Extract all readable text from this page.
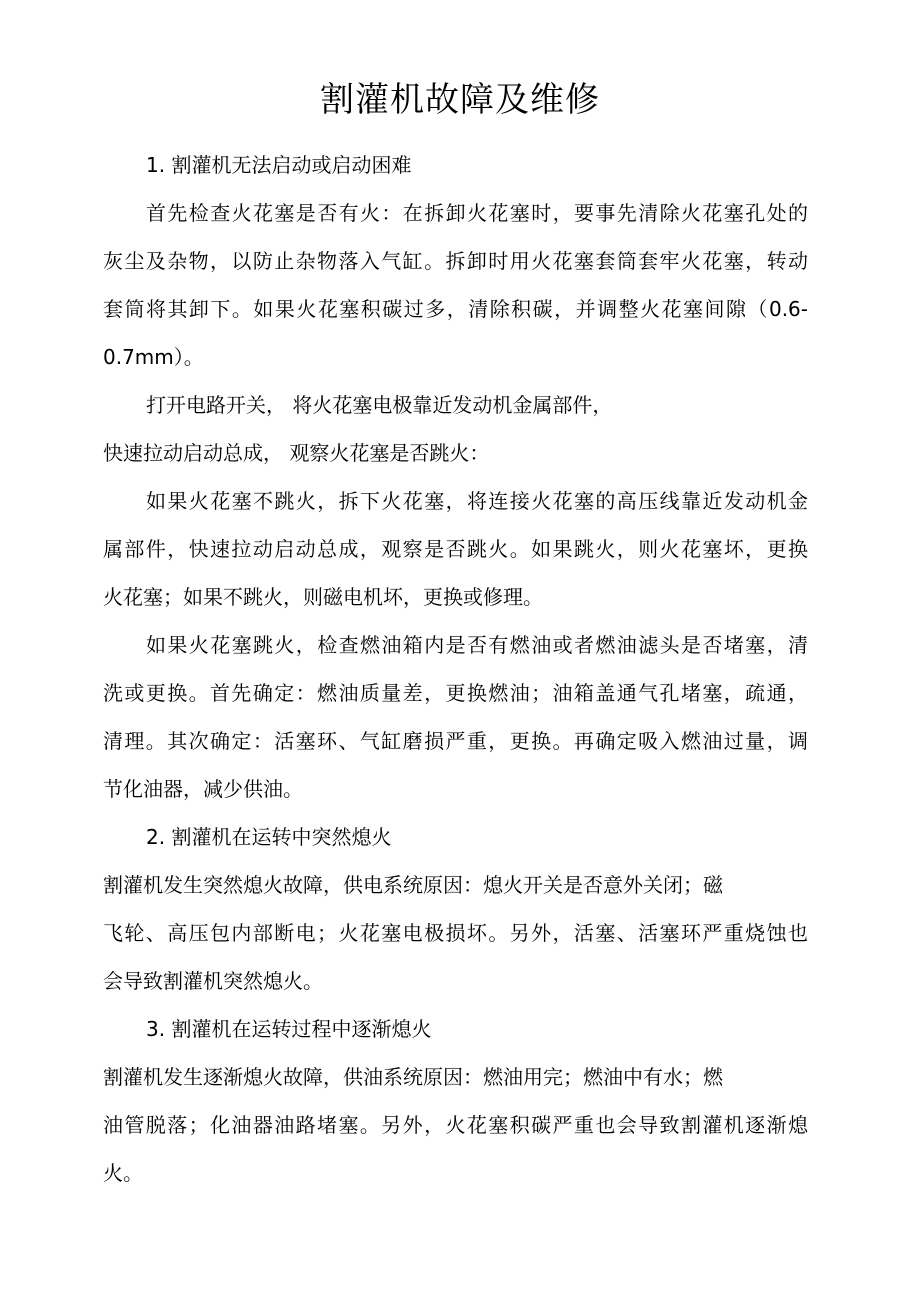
割灌机故障及维修
1. 割灌机无法启动或启动困难
首先检查火花塞是否有火：在拆卸火花塞时，要事先清除火花塞孔处的
灰尘及杂物，以防止杂物落入气缸。拆卸时用火花塞套筒套牢火花塞，转动
套筒将其卸下。如果火花塞积碳过多，清除积碳，并调整火花塞间隙（0.6-
0.7mm）。
打开电路开关， 将火花塞电极靠近发动机金属部件，
快速拉动启动总成， 观察火花塞是否跳火：
如果火花塞不跳火，拆下火花塞，将连接火花塞的高压线靠近发动机金
属部件，快速拉动启动总成，观察是否跳火。如果跳火，则火花塞坏，更换
火花塞；如果不跳火，则磁电机坏，更换或修理。
如果火花塞跳火，检查燃油箱内是否有燃油或者燃油滤头是否堵塞，清
洗或更换。首先确定：燃油质量差，更换燃油；油箱盖通气孔堵塞，疏通，
清理。其次确定：活塞环、气缸磨损严重，更换。再确定吸入燃油过量，调
节化油器，减少供油。
2. 割灌机在运转中突然熄火
割灌机发生突然熄火故障，供电系统原因：熄火开关是否意外关闭；磁
飞轮、高压包内部断电；火花塞电极损坏。另外，活塞、活塞环严重烧蚀也
会导致割灌机突然熄火。
3. 割灌机在运转过程中逐渐熄火
割灌机发生逐渐熄火故障，供油系统原因：燃油用完；燃油中有水；燃
油管脱落；化油器油路堵塞。另外，火花塞积碳严重也会导致割灌机逐渐熄
火。
